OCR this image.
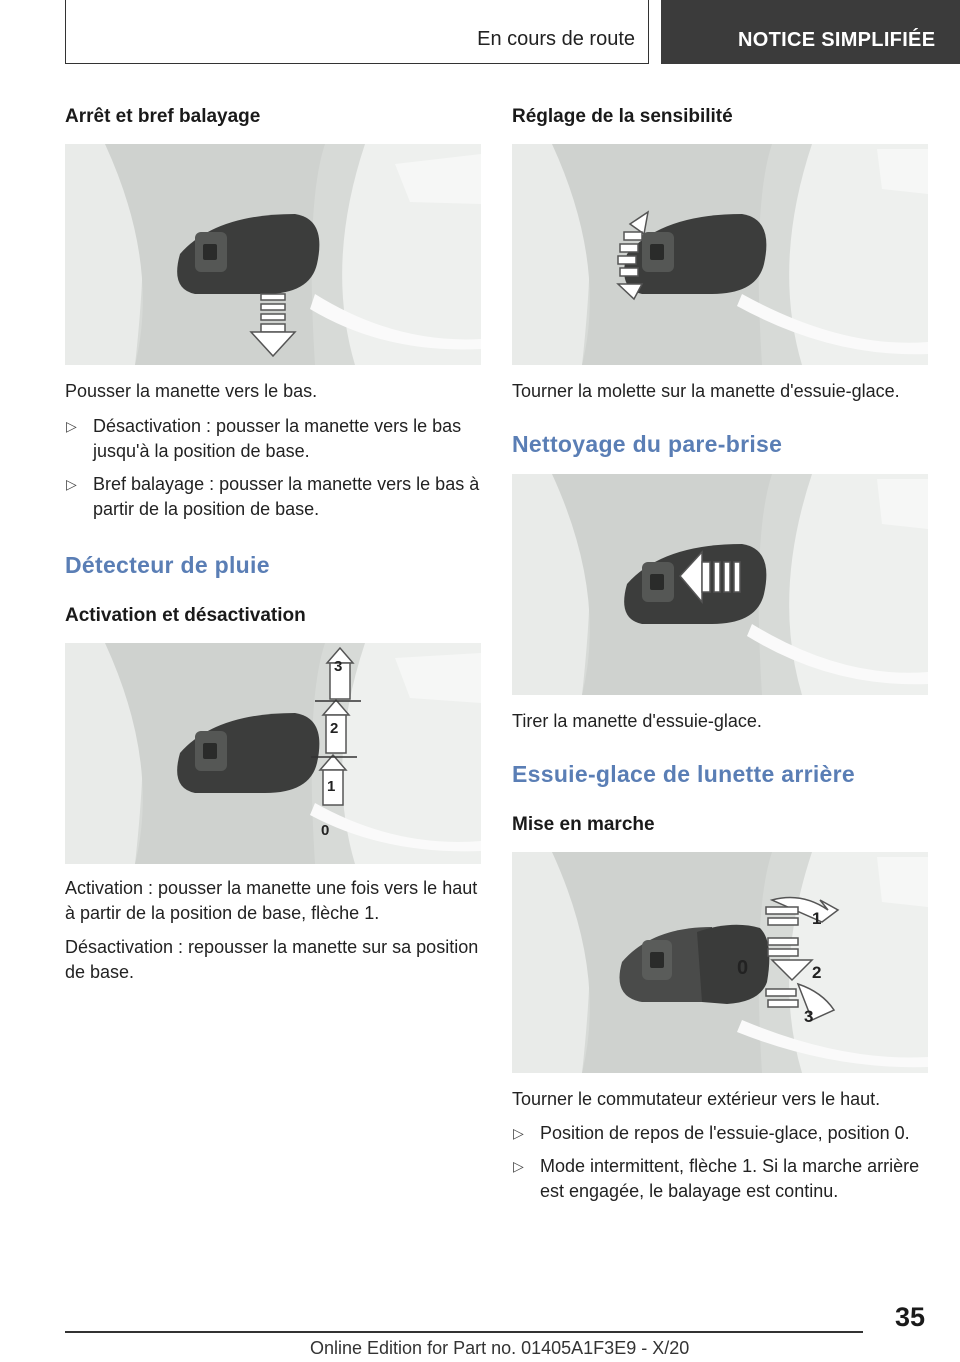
En cours de route	NOTICE SIMPLIFIÉE
Arrêt et bref balayage

Pousser la manette vers le bas.

▷ Désactivation : pousser la manette vers le bas jusqu'à la position de base.
▷ Bref balayage : pousser la manette vers le bas à partir de la position de base.
Détecteur de pluie
Activation et désactivation
3
2
1
0

Activation : pousser la manette une fois vers le haut à partir de la position de base, flèche 1.

Désactivation : repousser la manette sur sa position de base.

Réglage de la sensibilité

Tourner la molette sur la manette d'essuie-glace.

Nettoyage du pare-brise

Tirer la manette d'essuie-glace.

Essuie-glace de lunette arrière
Mise en marche
1
0	2
3

Tourner le commutateur extérieur vers le haut.

▷ Position de repos de l'essuie-glace, position 0.
▷ Mode intermittent, flèche 1. Si la marche arrière est engagée, le balayage est continu.
35
Online Edition for Part no. 01405A1F3E9 - X/20
